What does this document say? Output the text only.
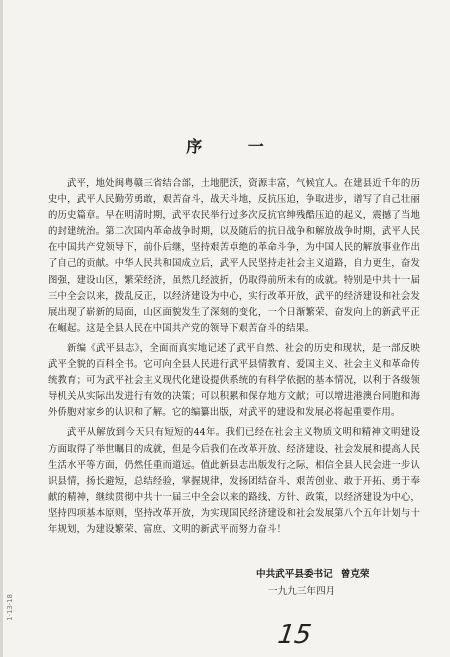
序 一

武平，地处闽粤赣三省结合部，土地肥沃，资源丰富，气候宜人。在建县近千年的历史中，武平人民勤劳勇敢，艰苦奋斗，战天斗地，反抗压迫，争取进步，谱写了自己壮丽的历史篇章。早在明清时期，武平农民举行过多次反抗官绅残酷压迫的起义，震撼了当地的封建统治。第二次国内革命战争时期，以及随后的抗日战争和解放战争时期，武平人民在中国共产党领导下，前仆后继，坚持艰苦卓绝的革命斗争，为中国人民的解放事业作出了自己的贡献。中华人民共和国成立后，武平人民坚持走社会主义道路，自力更生，奋发图强，建设山区，繁荣经济，虽然几经波折，仍取得前所未有的成就。特别是中共十一届三中全会以来，拨乱反正，以经济建设为中心，实行改革开放，武平的经济建设和社会发展出现了崭新的局面，山区面貌发生了深刻的变化，一个日渐繁荣、奋发向上的新武平正在崛起。这是全县人民在中国共产党的领导下艰苦奋斗的结果。

新编《武平县志》，全面而真实地记述了武平自然、社会的历史和现状，是一部反映武平全貌的百科全书。它可向全县人民进行武平县情教育、爱国主义、社会主义和革命传统教育；可为武平社会主义现代化建设提供系统的有科学依据的基本情况，以利于各级领导机关从实际出发进行有效的决策；可以积累和保存地方文献；可以增进港澳台同胞和海外侨胞对家乡的认识和了解。它的编纂出版，对武平的建设和发展必将起重要作用。

武平从解放到今天只有短短的44年。我们已经在社会主义物质文明和精神文明建设方面取得了举世瞩目的成就，但是今后我们在改革开放、经济建设、社会发展和提高人民生活水平等方面，仍然任重而道远。值此新县志出版发行之际，相信全县人民会进一步认识县情，扬长避短，总结经验，掌握规律，发扬团结奋斗、艰苦创业、敢于开拓、勇于奉献的精神，继续贯彻中共十一届三中全会以来的路线、方针、政策，以经济建设为中心，坚持四项基本原则，坚持改革开放，为实现国民经济建设和社会发展第八个五年计划与十年规划，为建设繁荣、富庶、文明的新武平而努力奋斗！

中共武平县委书记 曾克荣
一九九三年四月
1·13·18
15
